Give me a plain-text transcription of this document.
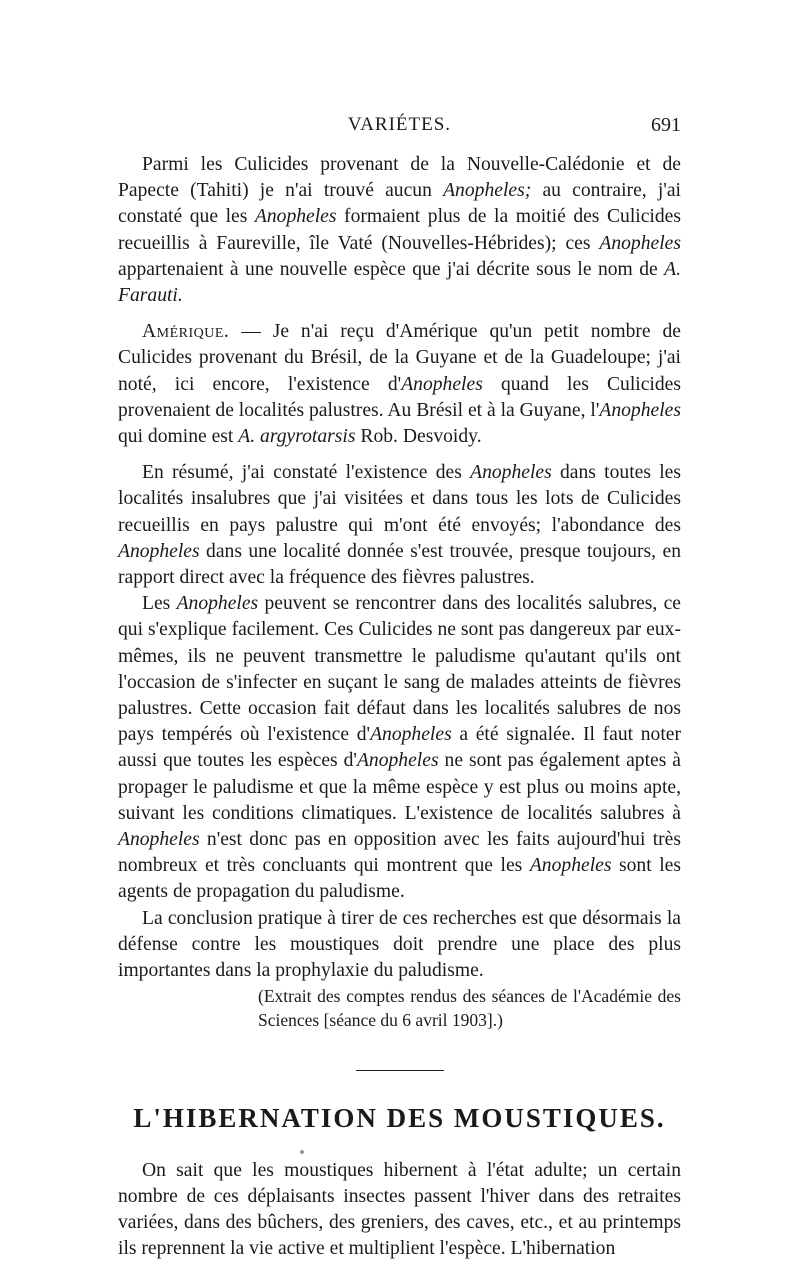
VARIÉTES.	691

Parmi les Culicides provenant de la Nouvelle-Calédonie et de Papecte (Tahiti) je n'ai trouvé aucun Anopheles; au contraire, j'ai constaté que les Anopheles formaient plus de la moitié des Culicides recueillis à Faureville, île Vaté (Nouvelles-Hébrides); ces Anopheles appartenaient à une nouvelle espèce que j'ai décrite sous le nom de A. Farauti.

Amérique. — Je n'ai reçu d'Amérique qu'un petit nombre de Culicides provenant du Brésil, de la Guyane et de la Guadeloupe; j'ai noté, ici encore, l'existence d'Anopheles quand les Culicides provenaient de localités palustres. Au Brésil et à la Guyane, l'Anopheles qui domine est A. argyrotarsis Rob. Desvoidy.

En résumé, j'ai constaté l'existence des Anopheles dans toutes les localités insalubres que j'ai visitées et dans tous les lots de Culicides recueillis en pays palustre qui m'ont été envoyés; l'abondance des Anopheles dans une localité donnée s'est trouvée, presque toujours, en rapport direct avec la fréquence des fièvres palustres.

Les Anopheles peuvent se rencontrer dans des localités salubres, ce qui s'explique facilement. Ces Culicides ne sont pas dangereux par eux-mêmes, ils ne peuvent transmettre le paludisme qu'autant qu'ils ont l'occasion de s'infecter en suçant le sang de malades atteints de fièvres palustres. Cette occasion fait défaut dans les localités salubres de nos pays tempérés où l'existence d'Anopheles a été signalée. Il faut noter aussi que toutes les espèces d'Anopheles ne sont pas également aptes à propager le paludisme et que la même espèce y est plus ou moins apte, suivant les conditions climatiques. L'existence de localités salubres à Anopheles n'est donc pas en opposition avec les faits aujourd'hui très nombreux et très concluants qui montrent que les Anopheles sont les agents de propagation du paludisme.

La conclusion pratique à tirer de ces recherches est que désormais la défense contre les moustiques doit prendre une place des plus importantes dans la prophylaxie du paludisme.

(Extrait des comptes rendus des séances de l'Académie des Sciences [séance du 6 avril 1903].)

L'HIBERNATION DES MOUSTIQUES.

On sait que les moustiques hibernent à l'état adulte; un certain nombre de ces déplaisants insectes passent l'hiver dans des retraites variées, dans des bûchers, des greniers, des caves, etc., et au printemps ils reprennent la vie active et multiplient l'espèce. L'hibernation
